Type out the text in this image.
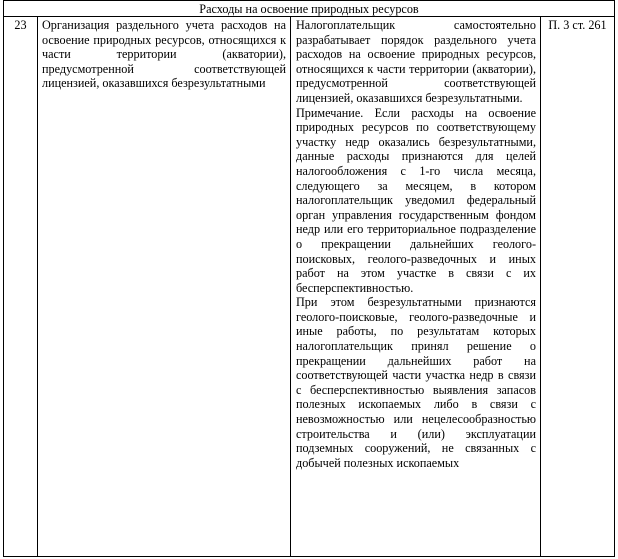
Расходы на освоение природных ресурсов
23	Организация раздельного учета расходов на освоение природных ресурсов, относящихся к части территории (акватории), предусмотренной соответствующей лицензией, оказавшихся безрезультатными

Налогоплательщик самостоятельно разрабатывает порядок раздельного учета расходов на освоение природных ресурсов, относящихся к части территории (акватории), предусмотренной соответствующей лицензией, оказавшихся безрезультатными.

Примечание. Если расходы на освоение природных ресурсов по соответствующему участку недр оказались безрезультатными, данные расходы признаются для целей налогообложения с 1-го числа месяца, следующего за месяцем, в котором налогоплательщик уведомил федеральный орган управления государственным фондом недр или его территориальное подразделение о прекращении дальнейших геолого-поисковых, геолого-разведочных и иных работ на этом участке в связи с их бесперспективностью.

При этом безрезультатными признаются геолого-поисковые, геолого-разведочные и иные работы, по результатам которых налогоплательщик принял решение о прекращении дальнейших работ на соответствующей части участка недр в связи с бесперспективностью выявления запасов полезных ископаемых либо в связи с невозможностью или нецелесообразностью строительства и (или) эксплуатации подземных сооружений, не связанных с добычей полезных ископаемых

П. 3 ст. 261
